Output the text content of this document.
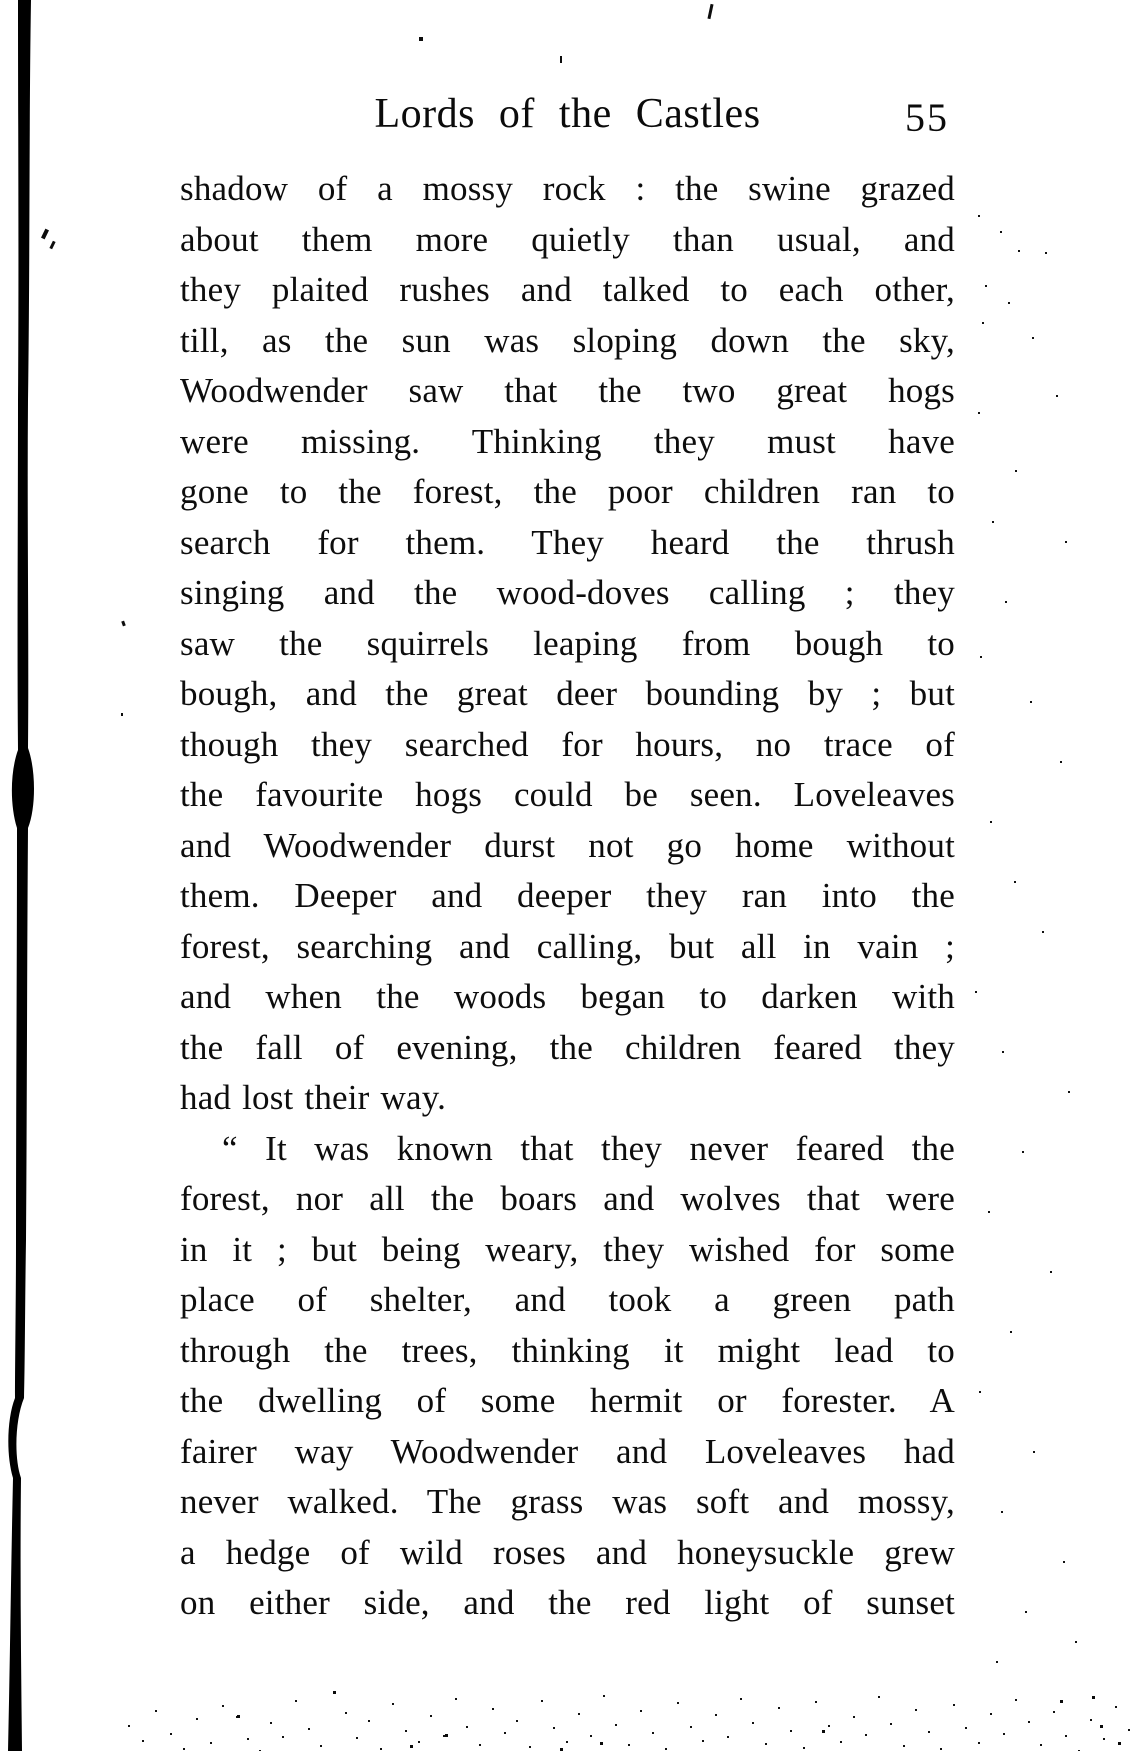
Lords of the Castles	55
shadow of a mossy rock : the swine grazed
about them more quietly than usual, and
they plaited rushes and talked to each other,
till, as the sun was sloping down the sky,
Woodwender saw that the two great hogs
were missing. Thinking they must have
gone to the forest, the poor children ran to
search for them. They heard the thrush
singing and the wood-doves calling ; they
saw the squirrels leaping from bough to
bough, and the great deer bounding by ; but
though they searched for hours, no trace of
the favourite hogs could be seen. Loveleaves
and Woodwender durst not go home without
them. Deeper and deeper they ran into the
forest, searching and calling, but all in vain ;
and when the woods began to darken with
the fall of evening, the children feared they
had lost their way.
“ It was known that they never feared the
forest, nor all the boars and wolves that were
in it ; but being weary, they wished for some
place of shelter, and took a green path
through the trees, thinking it might lead to
the dwelling of some hermit or forester. A
fairer way Woodwender and Loveleaves had
never walked. The grass was soft and mossy,
a hedge of wild roses and honeysuckle grew
on either side, and the red light of sunset
